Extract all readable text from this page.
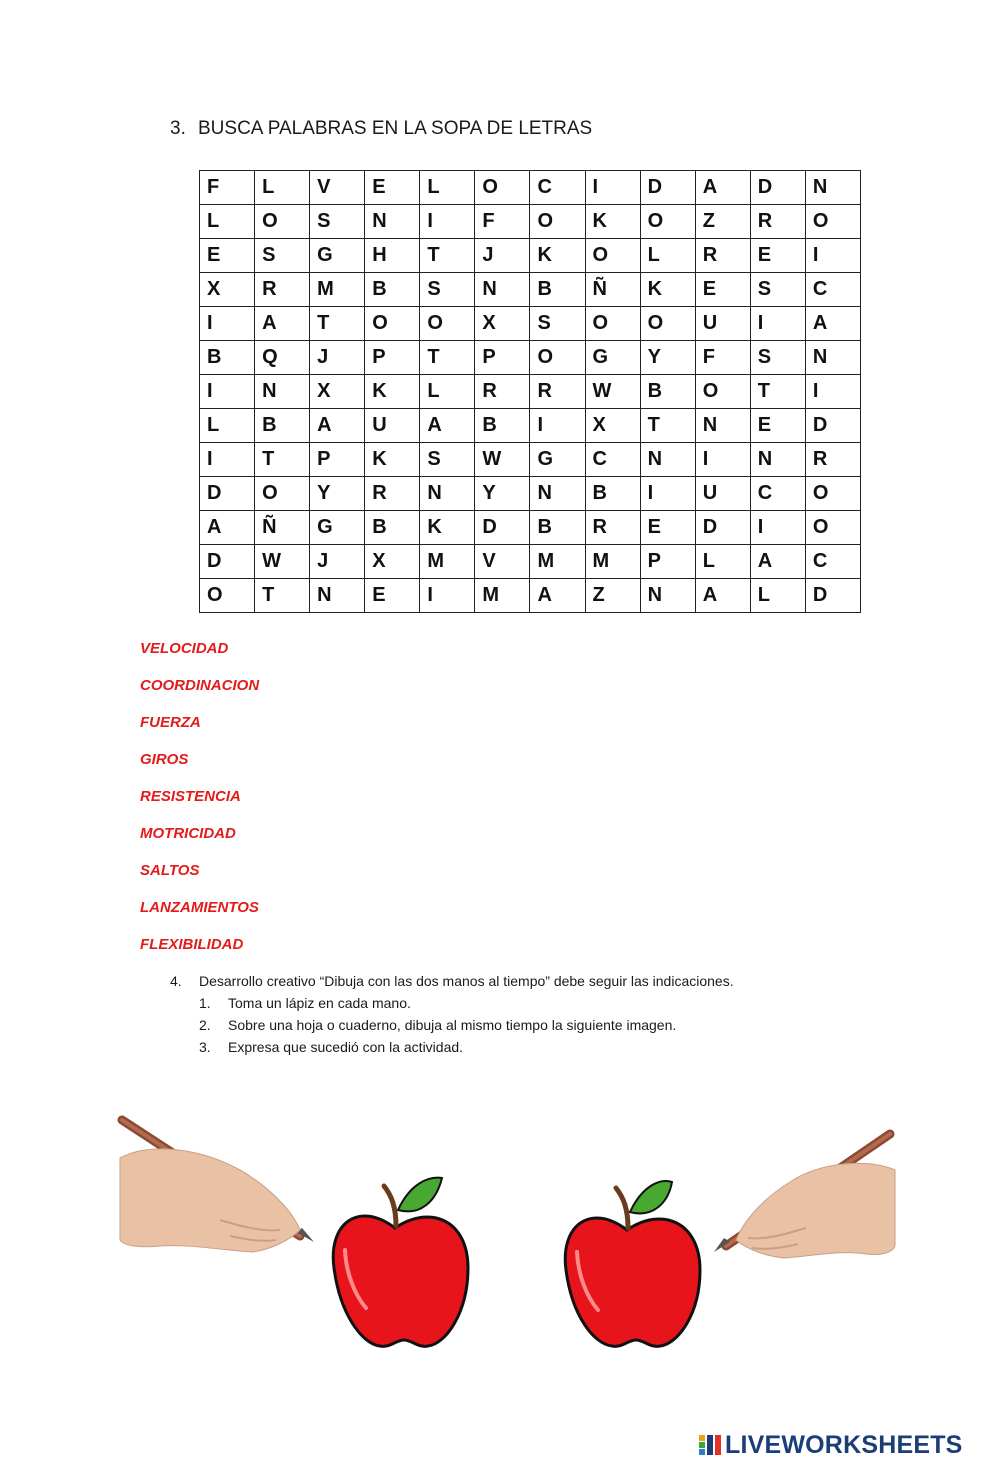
3. BUSCA PALABRAS EN LA SOPA DE LETRAS
F	L	V	E	L	O	C	I	D	A	D	N
L	O	S	N	I	F	O	K	O	Z	R	O
E	S	G	H	T	J	K	O	L	R	E	I
X	R	M	B	S	N	B	Ñ	K	E	S	C
I	A	T	O	O	X	S	O	O	U	I	A
B	Q	J	P	T	P	O	G	Y	F	S	N
I	N	X	K	L	R	R	W	B	O	T	I
L	B	A	U	A	B	I	X	T	N	E	D
I	T	P	K	S	W	G	C	N	I	N	R
D	O	Y	R	N	Y	N	B	I	U	C	O
A	Ñ	G	B	K	D	B	R	E	D	I	O
D	W	J	X	M	V	M	M	P	L	A	C
O	T	N	E	I	M	A	Z	N	A	L	D
VELOCIDAD
COORDINACION
FUERZA
GIROS
RESISTENCIA
MOTRICIDAD
SALTOS
LANZAMIENTOS
FLEXIBILIDAD
4. Desarrollo creativo “Dibuja con las dos manos al tiempo” debe seguir las indicaciones.
1. Toma un lápiz en cada mano.
2. Sobre una hoja o cuaderno, dibuja al mismo tiempo la siguiente imagen.
3. Expresa que sucedió con la actividad.
LIVEWORKSHEETS
